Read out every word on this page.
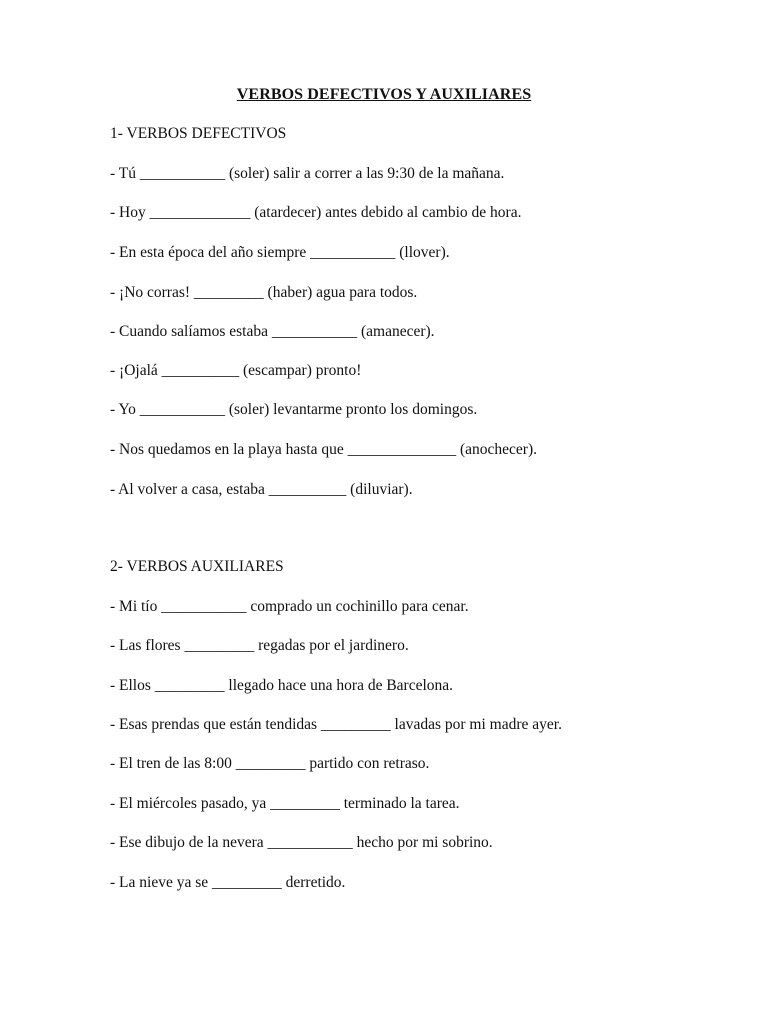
VERBOS DEFECTIVOS Y AUXILIARES
1- VERBOS DEFECTIVOS
- Tú ___________ (soler) salir a correr a las 9:30 de la mañana.
- Hoy _____________ (atardecer) antes debido al cambio de hora.
- En esta época del año siempre ___________ (llover).
- ¡No corras! _________ (haber) agua para todos.
- Cuando salíamos estaba ___________ (amanecer).
- ¡Ojalá __________ (escampar) pronto!
- Yo ___________ (soler) levantarme pronto los domingos.
- Nos quedamos en la playa hasta que ______________ (anochecer).
- Al volver a casa, estaba __________ (diluviar).
2- VERBOS AUXILIARES
- Mi tío ___________ comprado un cochinillo para cenar.
- Las flores _________ regadas por el jardinero.
- Ellos _________ llegado hace una hora de Barcelona.
- Esas prendas que están tendidas _________ lavadas por mi madre ayer.
- El tren de las 8:00 _________ partido con retraso.
- El miércoles pasado, ya _________ terminado la tarea.
- Ese dibujo de la nevera ___________ hecho por mi sobrino.
- La nieve ya se _________ derretido.
